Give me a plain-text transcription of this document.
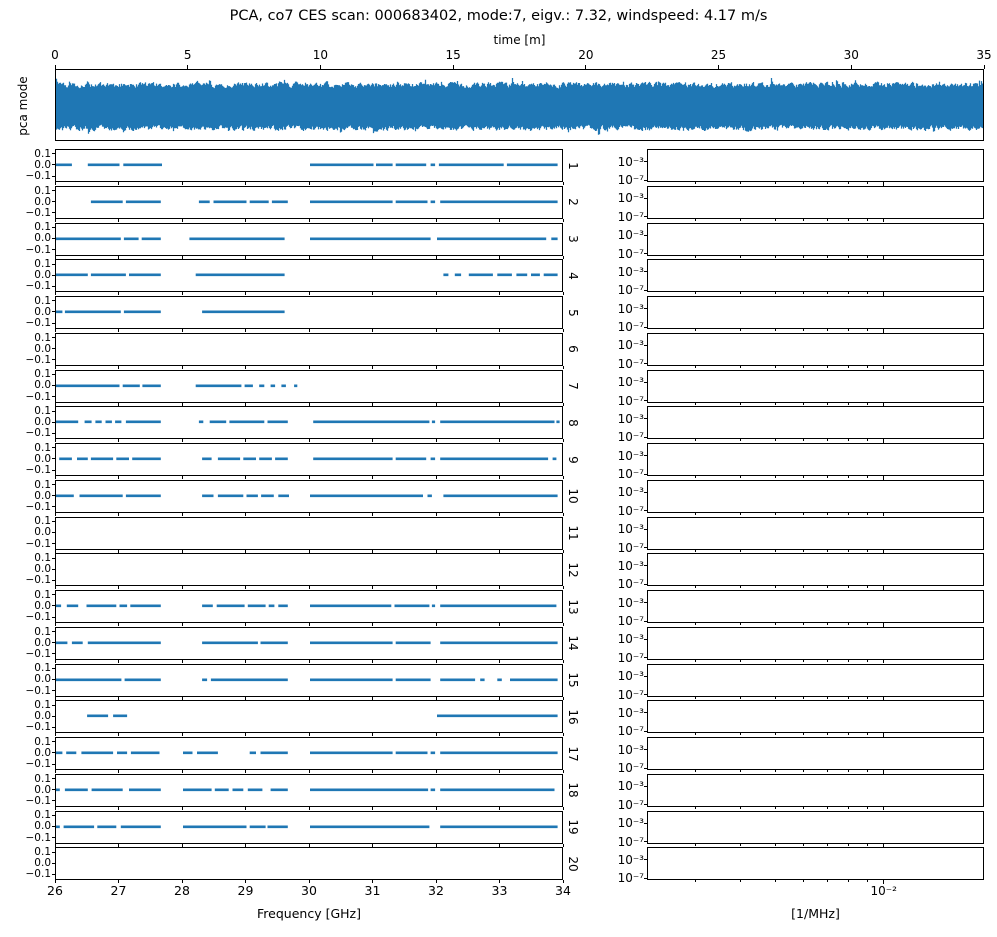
PCA, co7 CES scan: 000683402, mode:7, eigv.: 7.32, windspeed: 4.17 m/s
time [m]
pca mode
0	5	10	15	20	25	30	35
0.1
0.0
−0.1
0.1
0.0
−0.1
0.1
0.0
−0.1
0.1
0.0
−0.1
0.1
0.0
−0.1
0.1
0.0
−0.1
0.1
0.0
−0.1
0.1
0.0
−0.1
0.1
0.0
−0.1
0.1
0.0
−0.1
0.1
0.0
−0.1
0.1
0.0
−0.1
0.1
0.0
−0.1
0.1
0.0
−0.1
0.1
0.0
−0.1
0.1
0.0
−0.1
0.1
0.0
−0.1
0.1
0.0
−0.1
0.1
0.0
−0.1
0.1
0.0
−0.1
1
2
3
4
5
6
7
8
9
10
11
12
13
14
15
16
17
18
19
20
10⁻³
10⁻⁷
10⁻³
10⁻⁷
10⁻³
10⁻⁷
10⁻³
10⁻⁷
10⁻³
10⁻⁷
10⁻³
10⁻⁷
10⁻³
10⁻⁷
10⁻³
10⁻⁷
10⁻³
10⁻⁷
10⁻³
10⁻⁷
10⁻³
10⁻⁷
10⁻³
10⁻⁷
10⁻³
10⁻⁷
10⁻³
10⁻⁷
10⁻³
10⁻⁷
10⁻³
10⁻⁷
10⁻³
10⁻⁷
10⁻³
10⁻⁷
10⁻³
10⁻⁷
10⁻³
10⁻⁷
26	27	28	29	30	31	32	33	34	10⁻²
Frequency [GHz]	[1/MHz]
